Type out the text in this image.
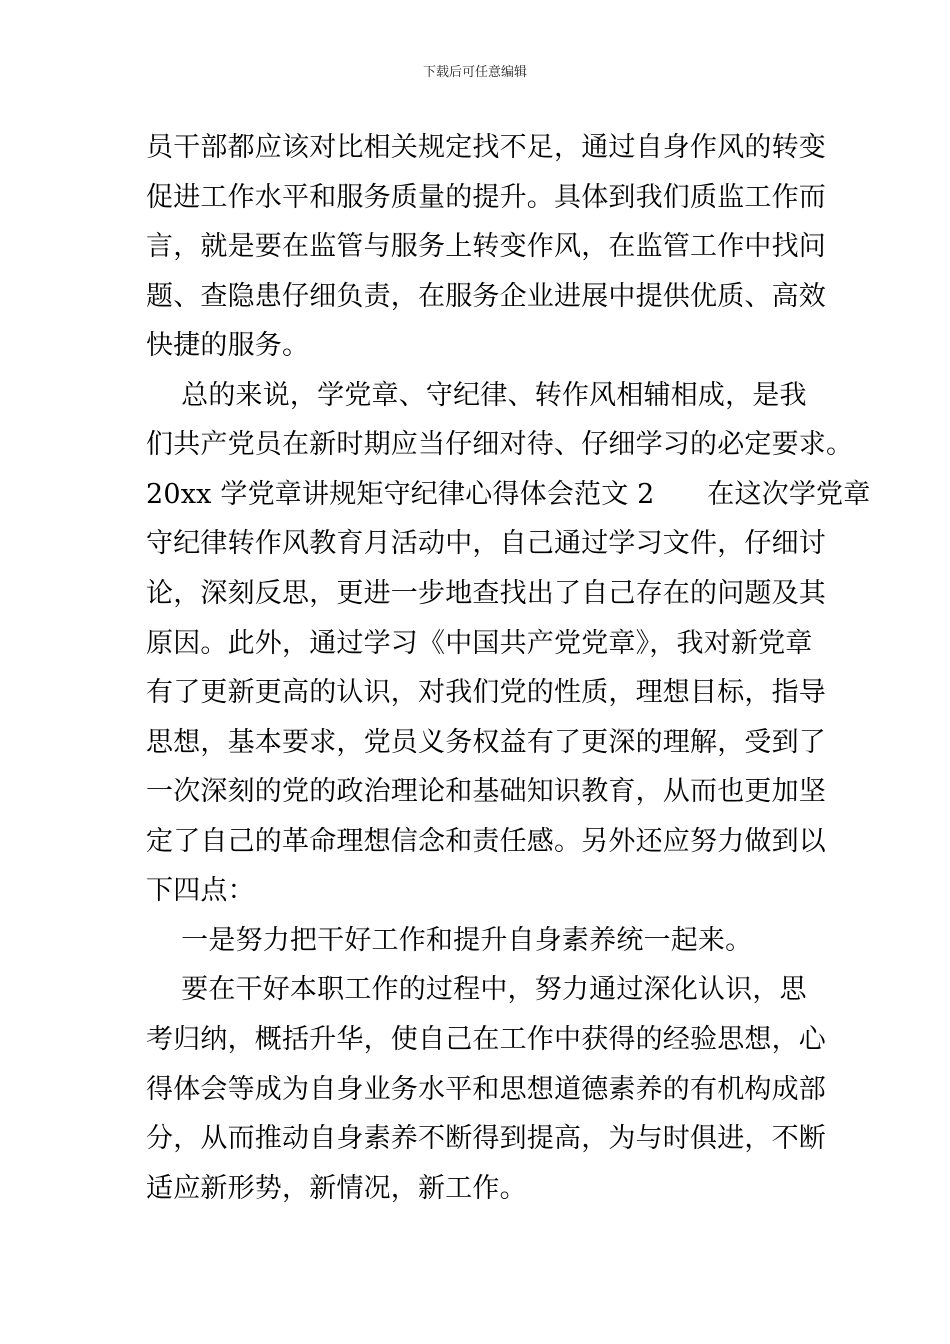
下载后可任意编辑
员干部都应该对比相关规定找不足，通过自身作风的转变
促进工作水平和服务质量的提升。具体到我们质监工作而
言，就是要在监管与服务上转变作风，在监管工作中找问
题、查隐患仔细负责，在服务企业进展中提供优质、高效
快捷的服务。
总的来说，学党章、守纪律、转作风相辅相成，是我
们共产党员在新时期应当仔细对待、仔细学习的必定要求。
20xx 学党章讲规矩守纪律心得体会范文 2      在这次学党章
守纪律转作风教育月活动中，自己通过学习文件，仔细讨
论，深刻反思，更进一步地查找出了自己存在的问题及其
原因。此外，通过学习《中国共产党党章》，我对新党章
有了更新更高的认识，对我们党的性质，理想目标，指导
思想，基本要求，党员义务权益有了更深的理解，受到了
一次深刻的党的政治理论和基础知识教育，从而也更加坚
定了自己的革命理想信念和责任感。另外还应努力做到以
下四点：
一是努力把干好工作和提升自身素养统一起来。
要在干好本职工作的过程中，努力通过深化认识，思
考归纳，概括升华，使自己在工作中获得的经验思想，心
得体会等成为自身业务水平和思想道德素养的有机构成部
分，从而推动自身素养不断得到提高，为与时俱进，不断
适应新形势，新情况，新工作。
